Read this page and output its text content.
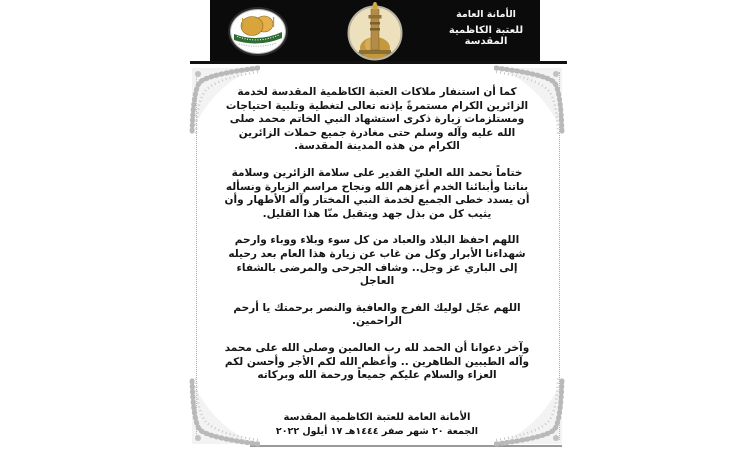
الأمانة العامة
للعتبة الكاظمية المقدسة

كما أن استنفار ملاكات العتبة الكاظمية المقدسة لخدمة الزائرين الكرام مستمرةً بإذنه تعالى لتغطية وتلبية احتياجات ومستلزمات زيارة ذكرى استشهاد النبي الخاتم محمد صلى الله عليه وآله وسلم حتى مغادرة جميع حملات الزائرين الكرام من هذه المدينة المقدسة.

ختاماً نحمد الله العليّ القدير على سلامة الزائرين وسلامة بناتنا وأبنائنا الخدم أعزهم الله ونجاح مراسم الزيارة ونسأله أن يسدد خطى الجميع لخدمة النبي المختار وآله الأطهار وأن يثيب كل من بذل جهد ويتقبل منّا هذا القليل.

اللهم احفظ البلاد والعباد من كل سوء وبلاء ووباء وارحم شهداءنا الأبرار وكل من غاب عن زيارة هذا العام بعد رحيله إلى الباري عز وجل.. وشاف الجرحى والمرضى بالشفاء العاجل

اللهم عجّل لوليك الفرج والعافية والنصر برحمتك يا أرحم الراحمين.

وآخر دعوانا أن الحمد لله رب العالمين وصلى الله على محمد وآله الطيبين الطاهرين .. وأعظم الله لكم الأجر وأحسن لكم العزاء والسلام عليكم جميعاً ورحمة الله وبركاته

الأمانة العامة للعتبة الكاظمية المقدسة
الجمعة ٢٠ شهر صفر ١٤٤٤هـ ١٧ أيلول ٢٠٢٢
